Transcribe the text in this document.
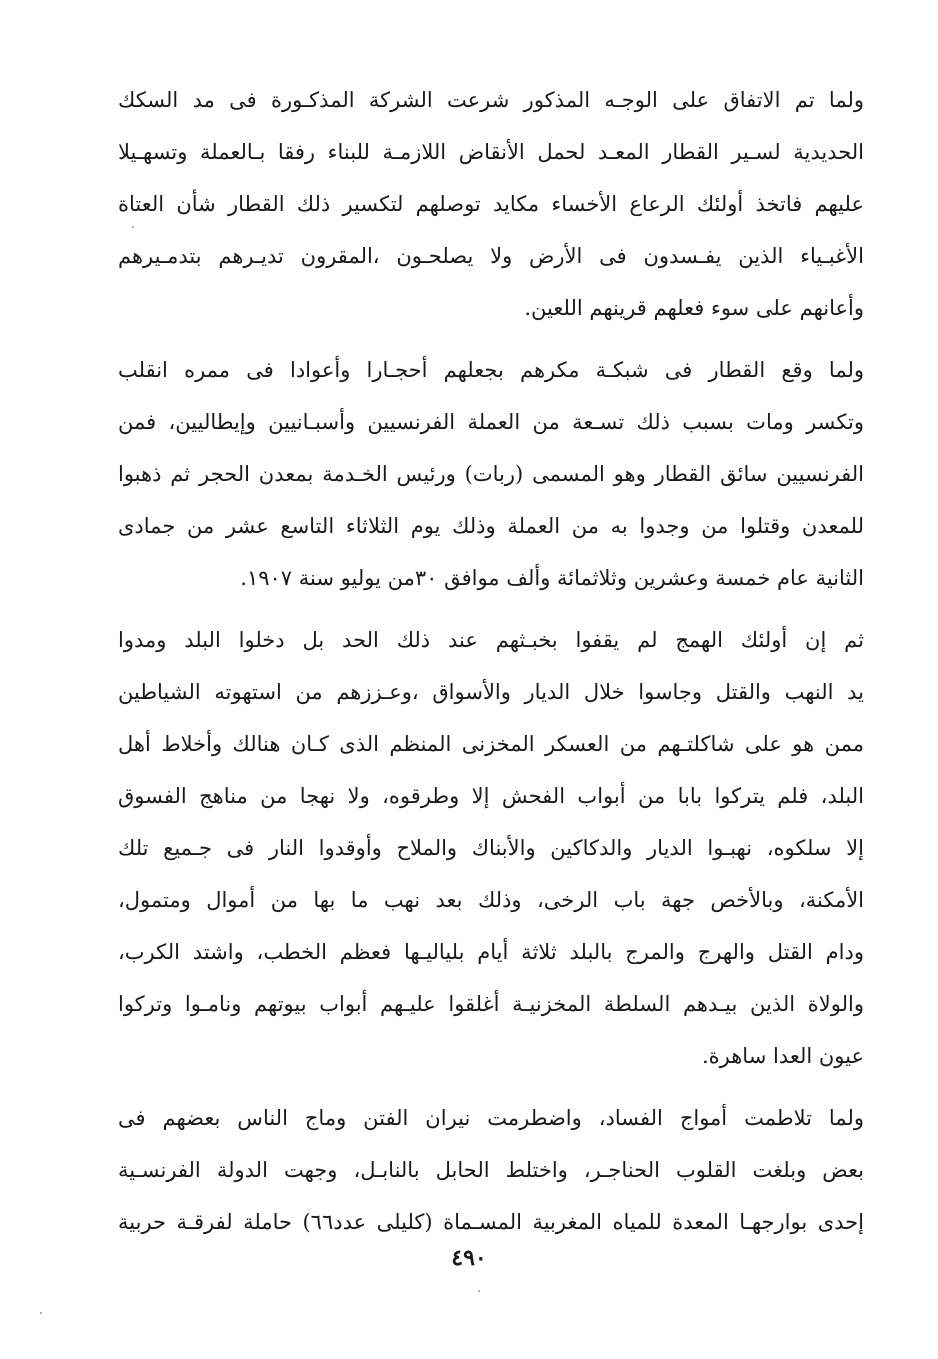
ولما تم الاتفاق على الوجـه المذكور شرعت الشركة المذكـورة فى مد السكك
الحديدية لسـير القطار المعـد لحمل الأنقاض اللازمـة للبناء رفقا بـالعملة وتسهـيلا
عليهم فاتخذ أولئك الرعاع الأخساء مكايد توصلهم لتكسير ذلك القطار شأن العتاة
الأغبـياء الذين يفـسدون فى الأرض ولا يصلحـون ،المقرون تديـرهم بتدمـيرهم
وأعانهم على سوء فعلهم قرينهم اللعين.
ولما وقع القطار فى شبكـة مكرهم بجعلهم أحجـارا وأعوادا فى ممره انقلب
وتكسر ومات بسبب ذلك تسـعة من العملة الفرنسيين وأسبـانيين وإيطاليين، فمن
الفرنسيين سائق القطار وهو المسمى (ربات) ورئيس الخـدمة بمعدن الحجر ثم ذهبوا
للمعدن وقتلوا من وجدوا به من العملة وذلك يوم الثلاثاء التاسع عشر من جمادى
الثانية عام خمسة وعشرين وثلاثمائة وألف موافق ٣٠من يوليو سنة ١٩٠٧.
ثم إن أولئك الهمج لم يقفوا بخبـثهم عند ذلك الحد بل دخلوا البلد ومدوا
يد النهب والقتل وجاسوا خلال الديار والأسواق ،وعـززهم من استهوته الشياطين
ممن هو على شاكلتـهم من العسكر المخزنى المنظم الذى كـان هنالك وأخلاط أهل
البلد، فلم يتركوا بابا من أبواب الفحش إلا وطرقوه، ولا نهجا من مناهج الفسوق
إلا سلكوه، نهبـوا الديار والدكاكين والأبناك والملاح وأوقدوا النار فى جـميع تلك
الأمكنة، وبالأخص جهة باب الرخى، وذلك بعد نهب ما بها من أموال ومتمول،
ودام القتل والهرج والمرج بالبلد ثلاثة أيام بلياليـها فعظم الخطب، واشتد الكرب،
والولاة الذين بيـدهم السلطة المخزنيـة أغلقوا عليـهم أبواب بيوتهم ونامـوا وتركوا
عيون العدا ساهرة.
ولما تلاطمت أمواج الفساد، واضطرمت نيران الفتن وماج الناس بعضهم فى
بعض وبلغت القلوب الحناجـر، واختلط الحابل بالنابـل، وجهت الدولة الفرنسـية
إحدى بوارجهـا المعدة للمياه المغربية المسـماة (كليلى عدد٦٦) حاملة لفرقـة حربية
٤٩٠
